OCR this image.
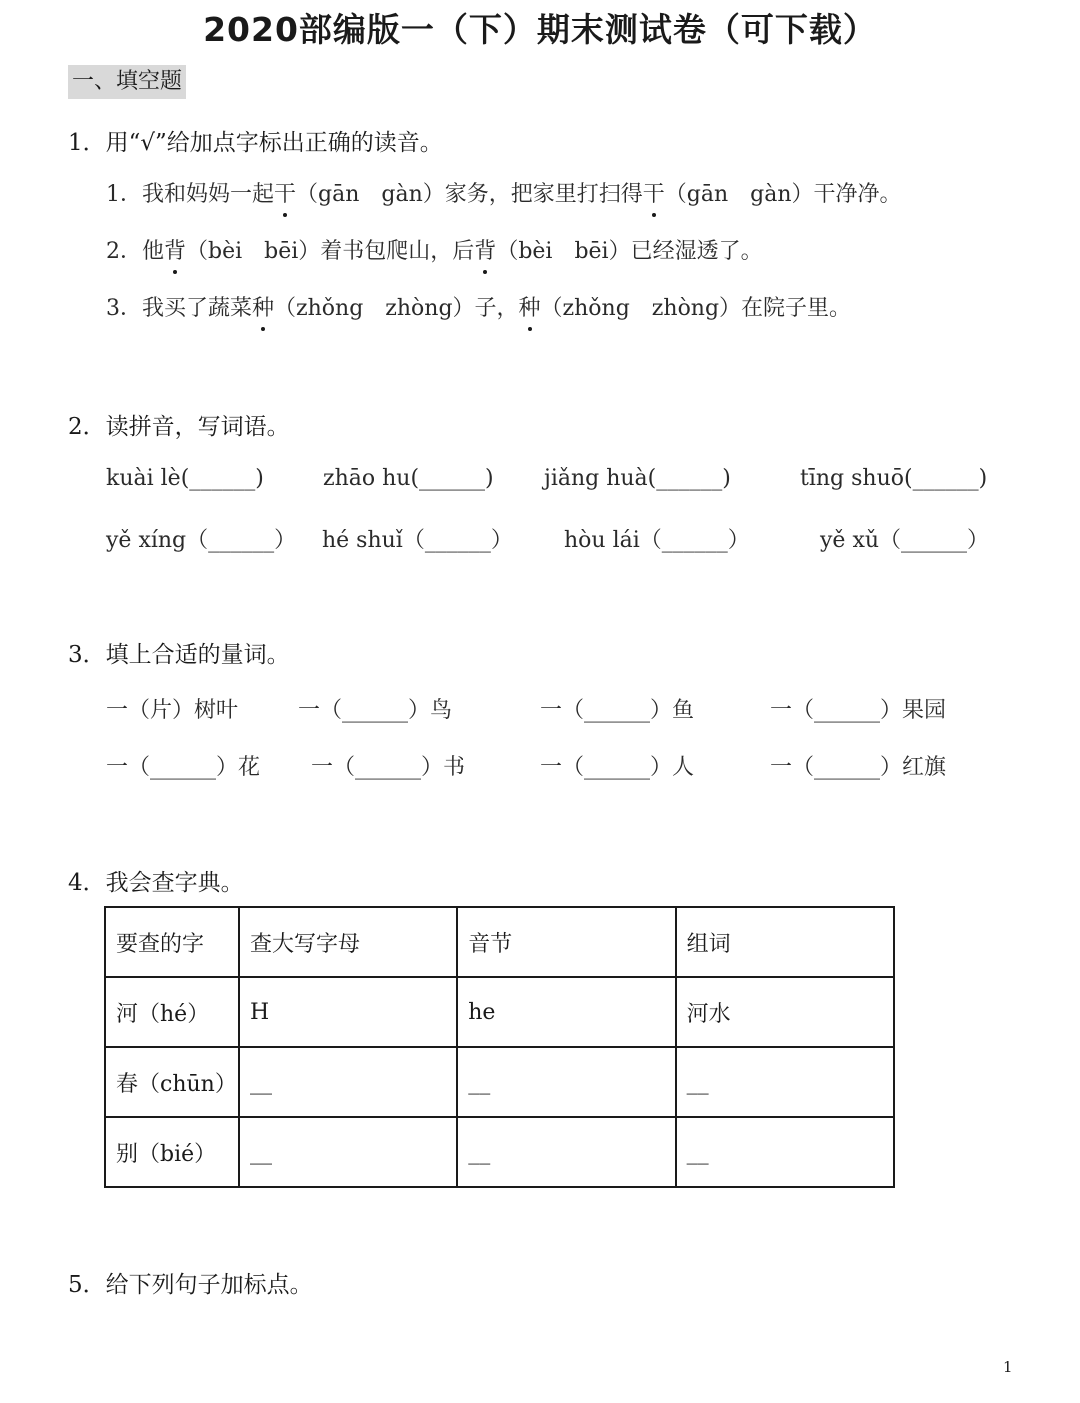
2020部编版一（下）期末测试卷（可下载）
一、填空题
1．用“√”给加点字标出正确的读音。
1．我和妈妈一起干（gān　gàn）家务，把家里打扫得干（gān　gàn）干净净。
2．他背（bèi　bēi）着书包爬山，后背（bèi　bēi）已经湿透了。
3．我买了蔬菜种（zhǒng　zhòng）子，种（zhǒng　zhòng）在院子里。
2．读拼音，写词语。
kuài lè(______)	zhāo hu(______) jiǎng huà(______)	tīng shuō(______)
yě xíng（______） hé shuǐ（______） hòu lái（______）	yě xǔ（______）
3．填上合适的量词。
一（片）树叶	一（______）鸟	一（______）鱼	一（______）果园
一（______）花 一（______）书	一（______）人	一（______）红旗
4．我会查字典。
要查的字	查大写字母	音节	组词
河（hé）	H	he	河水
春（chūn）	__	__	__
别（bié）	__	__	__
5．给下列句子加标点。
1
